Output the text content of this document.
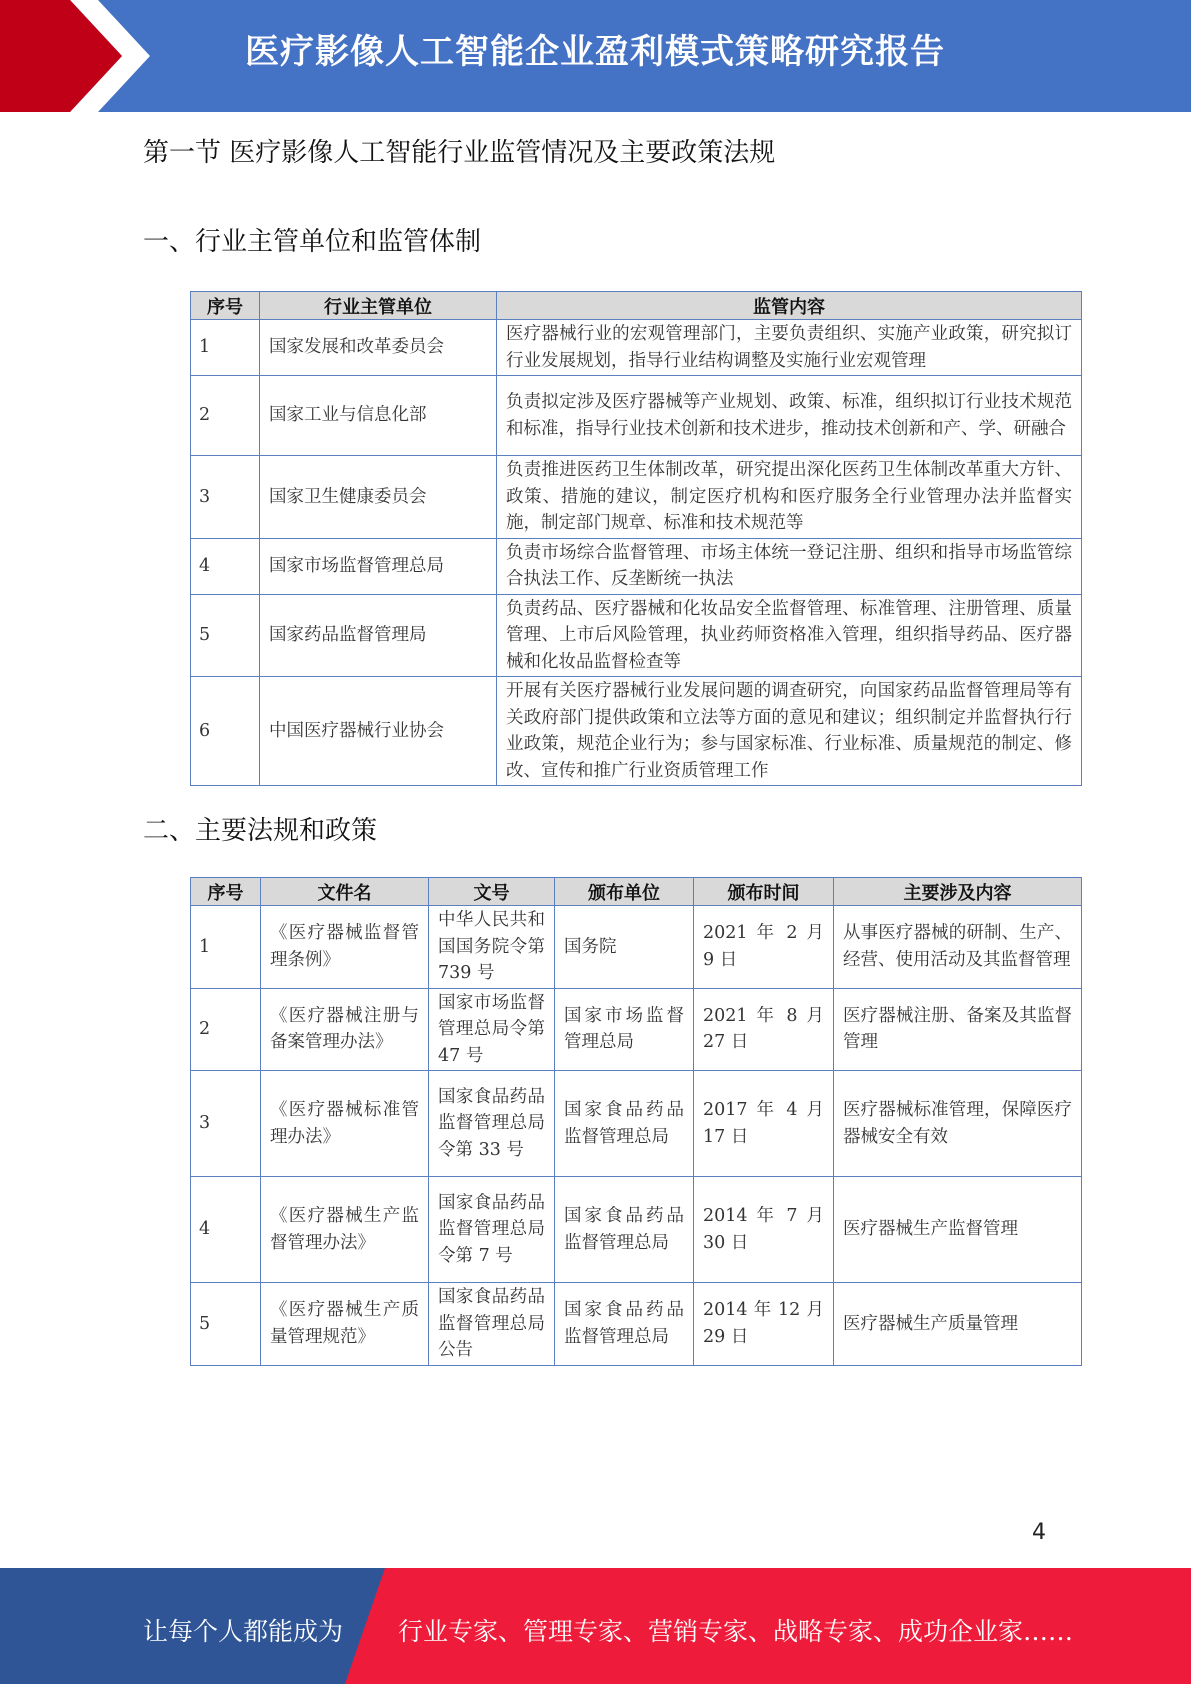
医疗影像人工智能企业盈利模式策略研究报告
第一节 医疗影像人工智能行业监管情况及主要政策法规
一、行业主管单位和监管体制
序号	行业主管单位	监管内容
1	国家发展和改革委员会	医疗器械行业的宏观管理部门，主要负责组织、实施产业政策，研究拟订行业发展规划，指导行业结构调整及实施行业宏观管理
2	国家工业与信息化部	负责拟定涉及医疗器械等产业规划、政策、标准，组织拟订行业技术规范和标准，指导行业技术创新和技术进步，推动技术创新和产、学、研融合
3	国家卫生健康委员会	负责推进医药卫生体制改革，研究提出深化医药卫生体制改革重大方针、政策、措施的建议，制定医疗机构和医疗服务全行业管理办法并监督实施，制定部门规章、标准和技术规范等
4	国家市场监督管理总局	负责市场综合监督管理、市场主体统一登记注册、组织和指导市场监管综合执法工作、反垄断统一执法
5	国家药品监督管理局	负责药品、医疗器械和化妆品安全监督管理、标准管理、注册管理、质量管理、上市后风险管理，执业药师资格准入管理，组织指导药品、医疗器械和化妆品监督检查等
6	中国医疗器械行业协会	开展有关医疗器械行业发展问题的调查研究，向国家药品监督管理局等有关政府部门提供政策和立法等方面的意见和建议；组织制定并监督执行行业政策，规范企业行为；参与国家标准、行业标准、质量规范的制定、修改、宣传和推广行业资质管理工作
二、主要法规和政策
序号	文件名	文号	颁布单位	颁布时间	主要涉及内容
1	《医疗器械监督管理条例》	中华人民共和国国务院令第 739 号	国务院	2021 年 2 月 9 日	从事医疗器械的研制、生产、经营、使用活动及其监督管理
2	《医疗器械注册与备案管理办法》	国家市场监督管理总局令第 47 号	国家市场监督管理总局	2021 年 8 月 27 日	医疗器械注册、备案及其监督管理
3	《医疗器械标准管理办法》	国家食品药品监督管理总局令第 33 号	国家食品药品监督管理总局	2017 年 4 月 17 日	医疗器械标准管理，保障医疗器械安全有效
4	《医疗器械生产监督管理办法》	国家食品药品监督管理总局令第 7 号	国家食品药品监督管理总局	2014 年 7 月 30 日	医疗器械生产监督管理
5	《医疗器械生产质量管理规范》	国家食品药品监督管理总局公告	国家食品药品监督管理总局	2014 年 12 月 29 日	医疗器械生产质量管理
4
让每个人都能成为 行业专家、管理专家、营销专家、战略专家、成功企业家……
